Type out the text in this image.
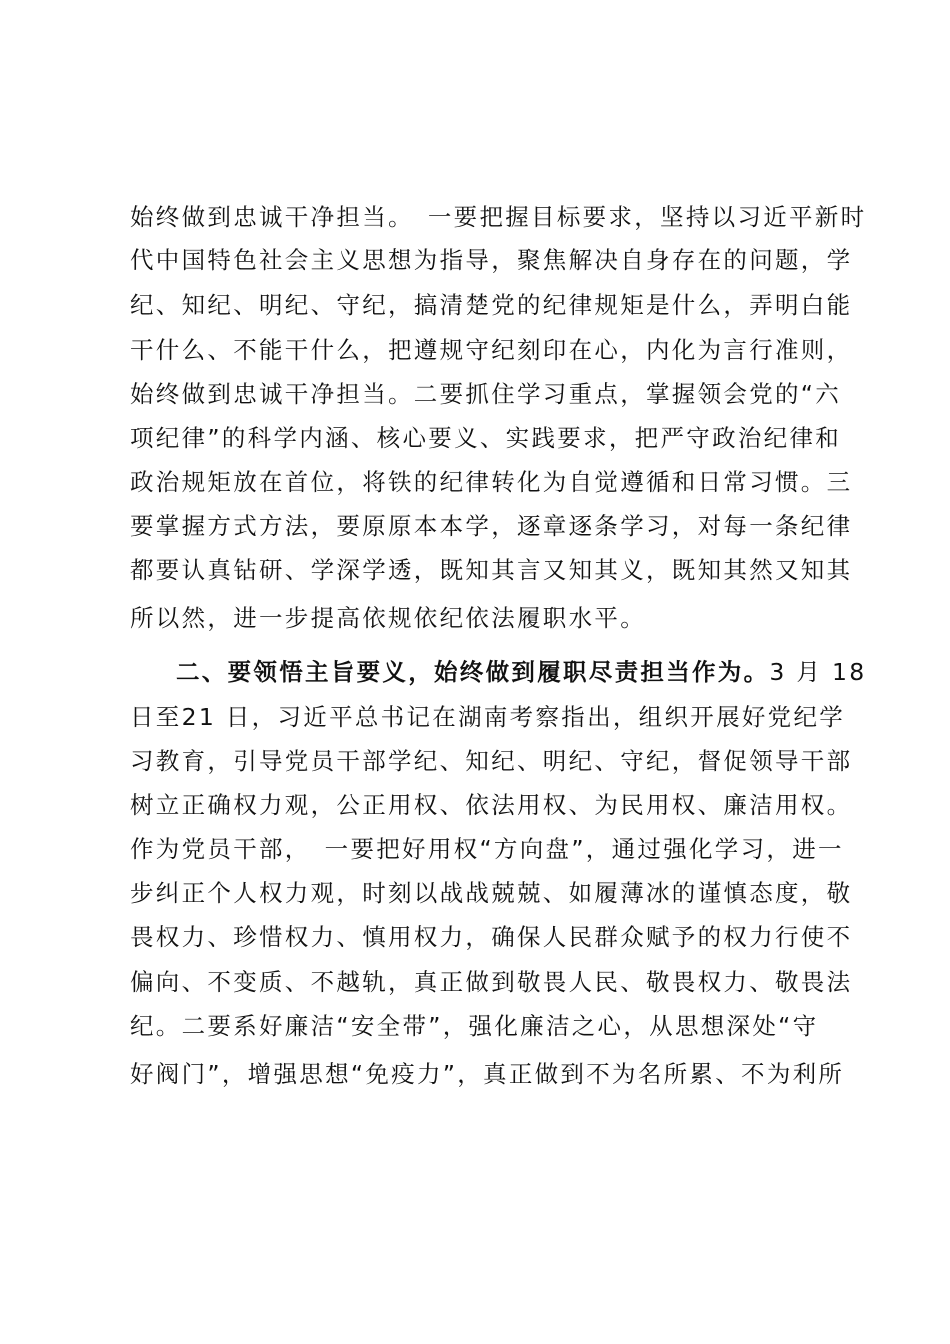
始终做到忠诚干净担当。　一要把握目标要求，坚持以习近平新时
代中国特色社会主义思想为指导，聚焦解决自身存在的问题，学
纪、知纪、明纪、守纪，搞清楚党的纪律规矩是什么，弄明白能
干什么、不能干什么，把遵规守纪刻印在心，内化为言行准则，
始终做到忠诚干净担当。二要抓住学习重点，掌握领会党的“六
项纪律”的科学内涵、核心要义、实践要求，把严守政治纪律和
政治规矩放在首位，将铁的纪律转化为自觉遵循和日常习惯。三
要掌握方式方法，要原原本本学，逐章逐条学习，对每一条纪律
都要认真钻研、学深学透，既知其言又知其义，既知其然又知其
所以然，进一步提高依规依纪依法履职水平。
二、要领悟主旨要义，始终做到履职尽责担当作为。3 月 18
日至21 日，习近平总书记在湖南考察指出，组织开展好党纪学
习教育，引导党员干部学纪、知纪、明纪、守纪，督促领导干部
树立正确权力观，公正用权、依法用权、为民用权、廉洁用权。
作为党员干部，　一要把好用权“方向盘”，通过强化学习，进一
步纠正个人权力观，时刻以战战兢兢、如履薄冰的谨慎态度，敬
畏权力、珍惜权力、慎用权力，确保人民群众赋予的权力行使不
偏向、不变质、不越轨，真正做到敬畏人民、敬畏权力、敬畏法
纪。二要系好廉洁“安全带”，强化廉洁之心，从思想深处“守
好阀门”，增强思想“免疫力”，真正做到不为名所累、不为利所
